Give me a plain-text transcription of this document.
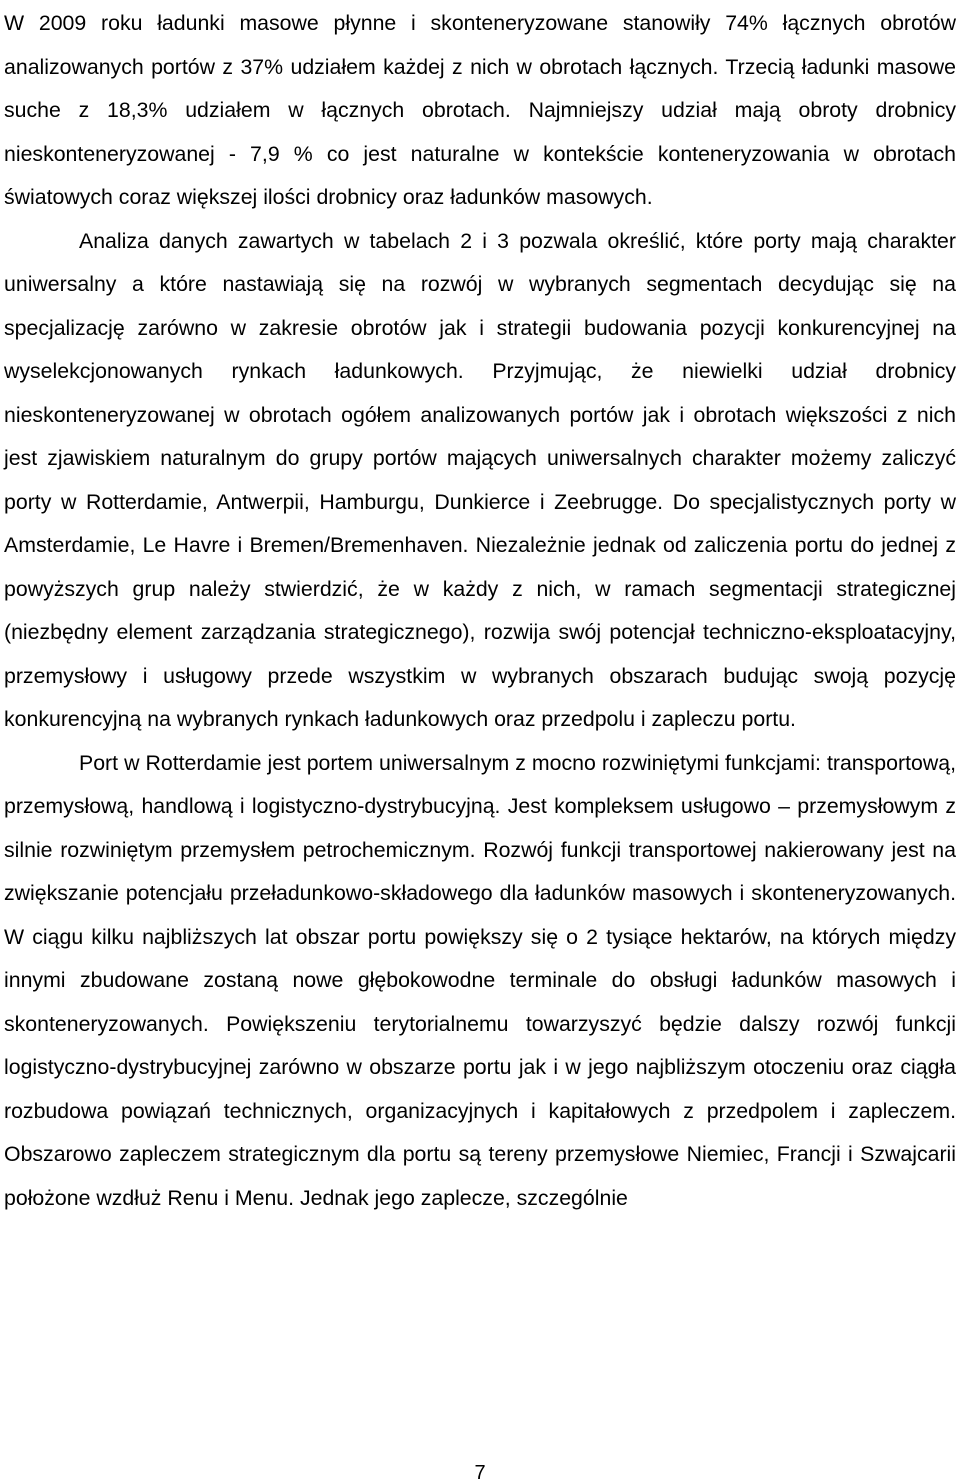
W 2009 roku ładunki masowe płynne i skonteneryzowane stanowiły 74% łącznych obrotów analizowanych portów z 37% udziałem każdej z nich w obrotach łącznych. Trzecią ładunki masowe suche z 18,3% udziałem w łącznych obrotach. Najmniejszy udział mają obroty drobnicy nieskonteneryzowanej - 7,9 % co jest naturalne w kontekście konteneryzowania w obrotach światowych coraz większej ilości drobnicy oraz ładunków masowych.

Analiza danych zawartych w tabelach 2 i 3 pozwala określić, które porty mają charakter uniwersalny a które nastawiają się na rozwój w wybranych segmentach decydując się na specjalizację zarówno w zakresie obrotów jak i strategii budowania pozycji konkurencyjnej na wyselekcjonowanych rynkach ładunkowych. Przyjmując, że niewielki udział drobnicy nieskonteneryzowanej w obrotach ogółem analizowanych portów jak i obrotach większości z nich jest zjawiskiem naturalnym do grupy portów mających uniwersalnych charakter możemy zaliczyć porty w Rotterdamie, Antwerpii, Hamburgu, Dunkierce i Zeebrugge. Do specjalistycznych porty w Amsterdamie, Le Havre i Bremen/Bremenhaven. Niezależnie jednak od zaliczenia portu do jednej z powyższych grup należy stwierdzić, że w każdy z nich, w ramach segmentacji strategicznej (niezbędny element zarządzania strategicznego), rozwija swój potencjał techniczno-eksploatacyjny, przemysłowy i usługowy przede wszystkim w wybranych obszarach budując swoją pozycję konkurencyjną na wybranych rynkach ładunkowych oraz przedpolu i zapleczu portu.

Port w Rotterdamie jest portem uniwersalnym z mocno rozwiniętymi funkcjami: transportową, przemysłową, handlową i logistyczno-dystrybucyjną. Jest kompleksem usługowo – przemysłowym z silnie rozwiniętym przemysłem petrochemicznym. Rozwój funkcji transportowej nakierowany jest na zwiększanie potencjału przeładunkowo-składowego dla ładunków masowych i skonteneryzowanych. W ciągu kilku najbliższych lat obszar portu powiększy się o 2 tysiące hektarów, na których między innymi zbudowane zostaną nowe głębokowodne terminale do obsługi ładunków masowych i skonteneryzowanych. Powiększeniu terytorialnemu towarzyszyć będzie dalszy rozwój funkcji logistyczno-dystrybucyjnej zarówno w obszarze portu jak i w jego najbliższym otoczeniu oraz ciągła rozbudowa powiązań technicznych, organizacyjnych i kapitałowych z przedpolem i zapleczem. Obszarowo zapleczem strategicznym dla portu są tereny przemysłowe Niemiec, Francji i Szwajcarii położone wzdłuż Renu i Menu. Jednak jego zaplecze, szczególnie

7
